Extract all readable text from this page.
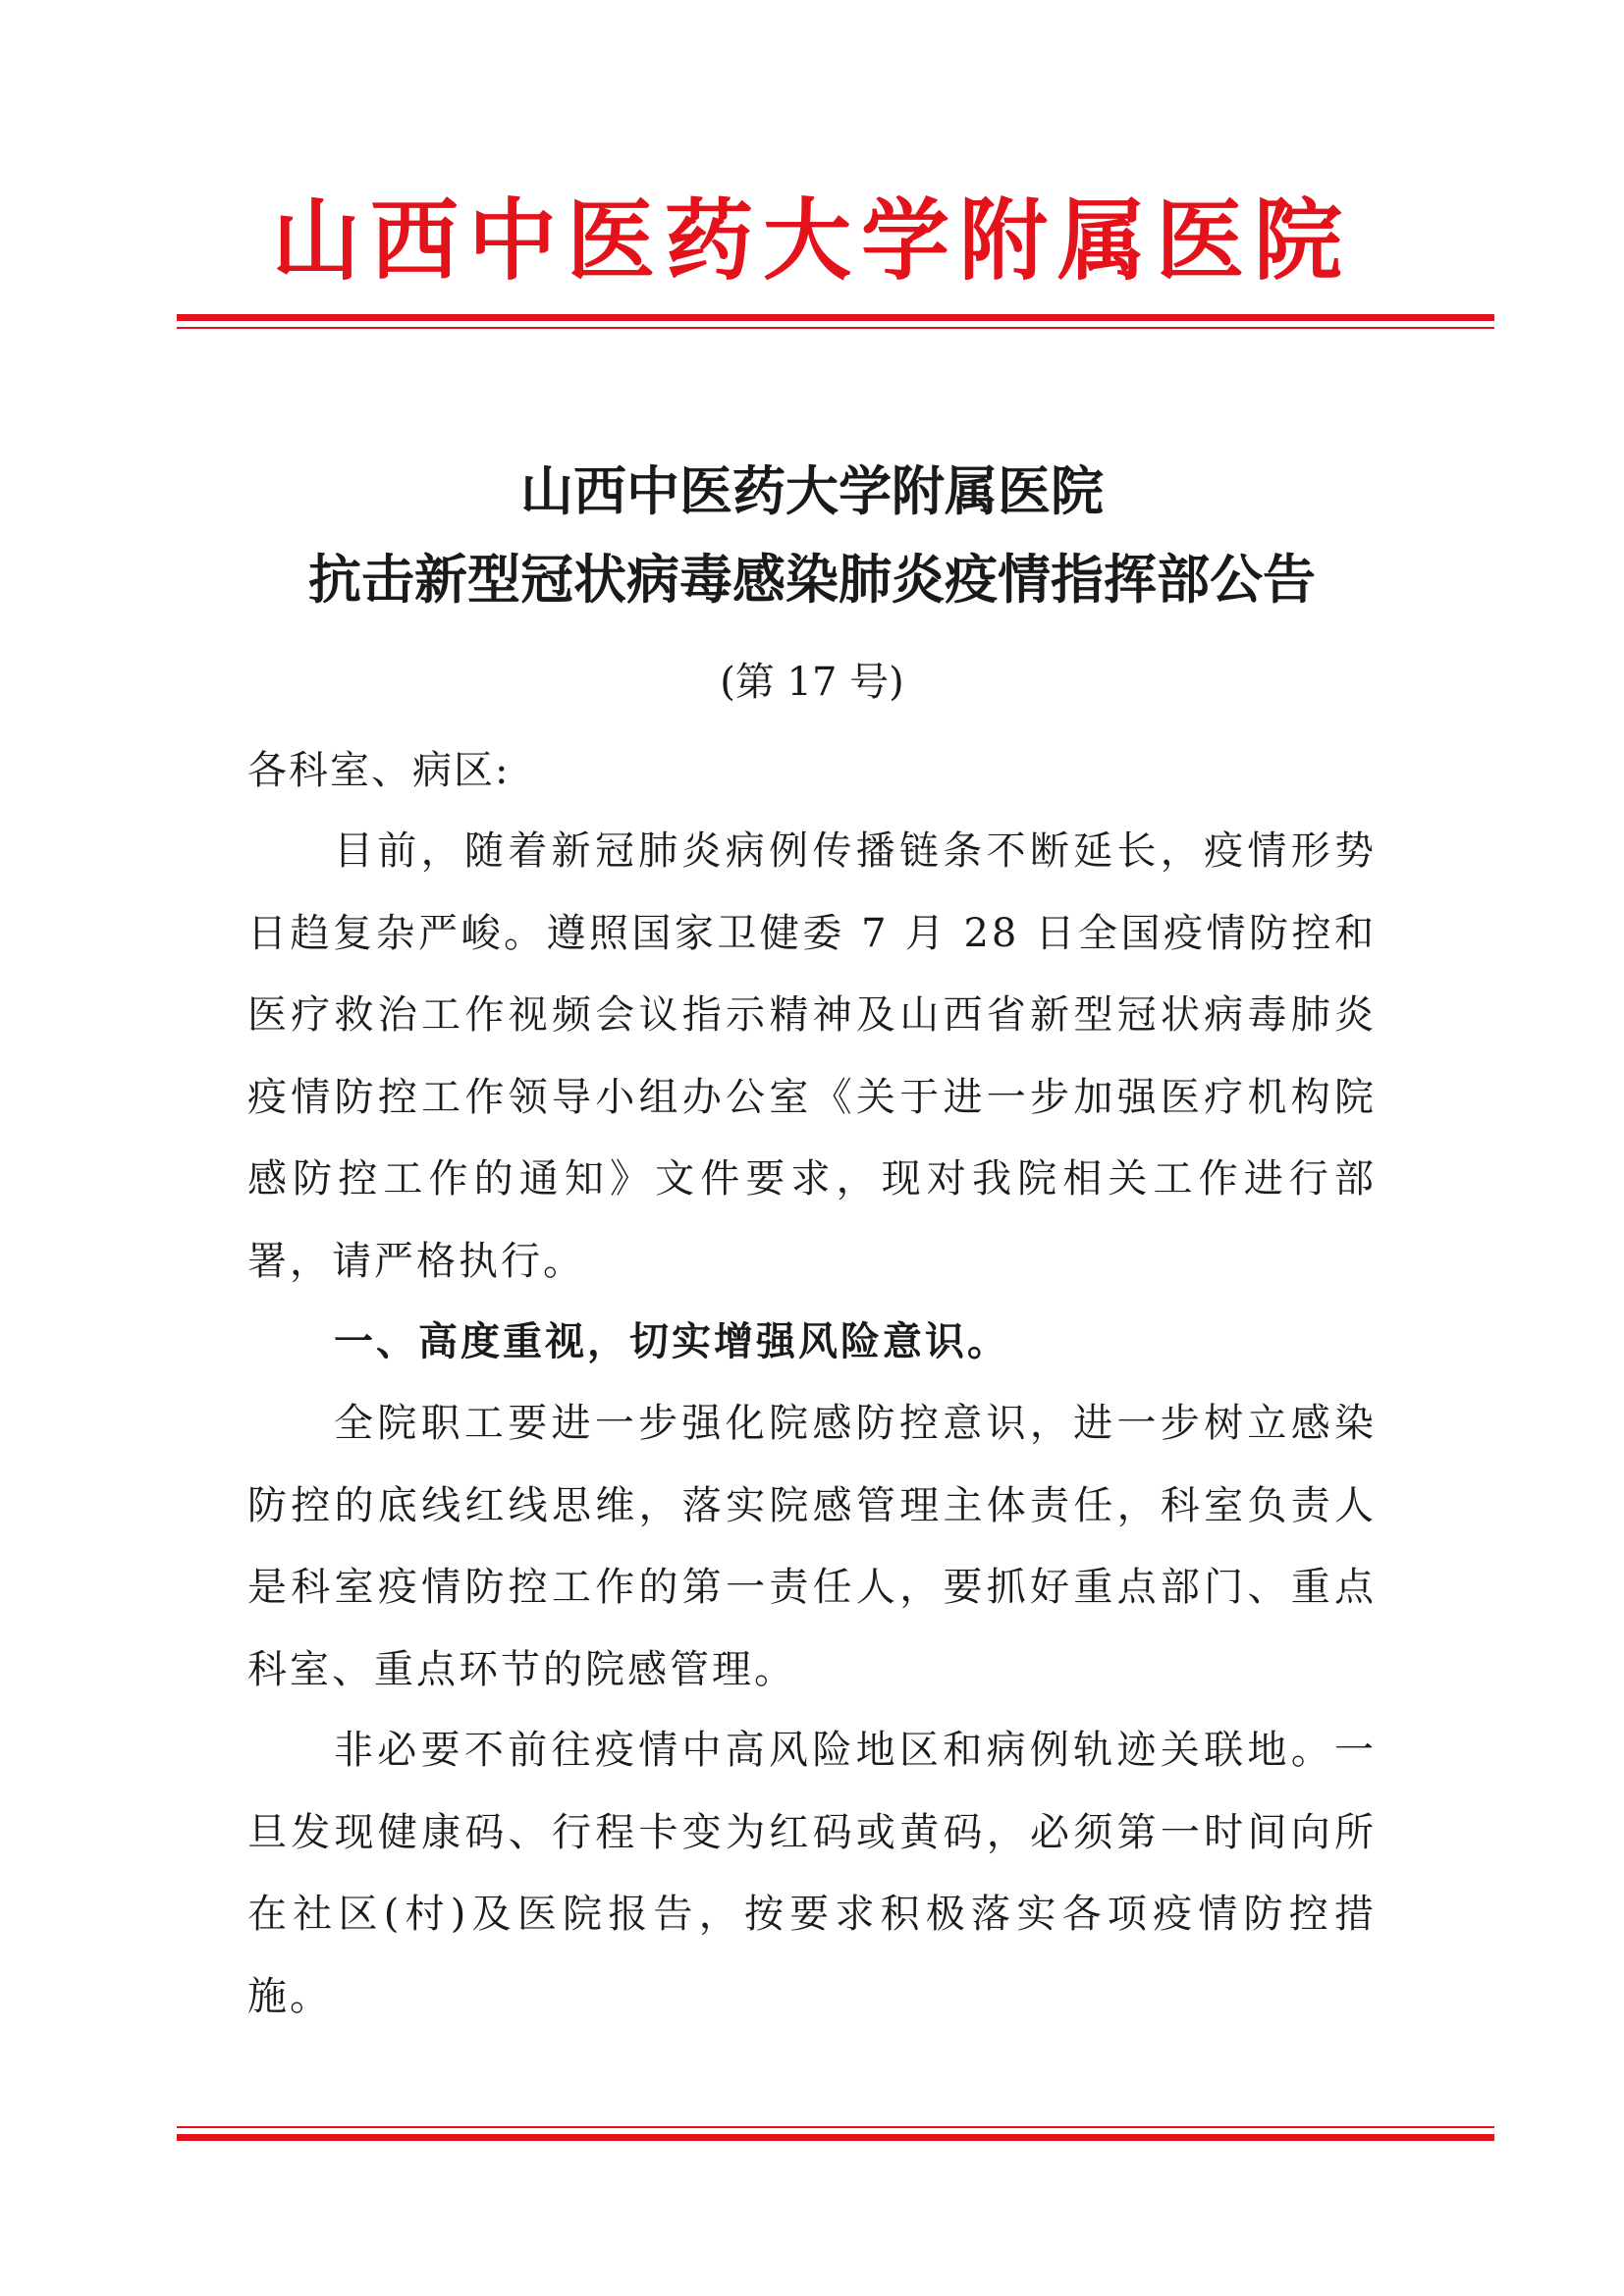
山西中医药大学附属医院
山西中医药大学附属医院
抗击新型冠状病毒感染肺炎疫情指挥部公告
(第 17 号)
各科室、病区:
目前，随着新冠肺炎病例传播链条不断延长，疫情形势日趋复杂严峻。遵照国家卫健委 7 月 28 日全国疫情防控和医疗救治工作视频会议指示精神及山西省新型冠状病毒肺炎疫情防控工作领导小组办公室《关于进一步加强医疗机构院感防控工作的通知》文件要求，现对我院相关工作进行部署，请严格执行。
一、高度重视，切实增强风险意识。
全院职工要进一步强化院感防控意识，进一步树立感染防控的底线红线思维，落实院感管理主体责任，科室负责人是科室疫情防控工作的第一责任人，要抓好重点部门、重点科室、重点环节的院感管理。
非必要不前往疫情中高风险地区和病例轨迹关联地。一旦发现健康码、行程卡变为红码或黄码，必须第一时间向所在社区(村)及医院报告，按要求积极落实各项疫情防控措施。
